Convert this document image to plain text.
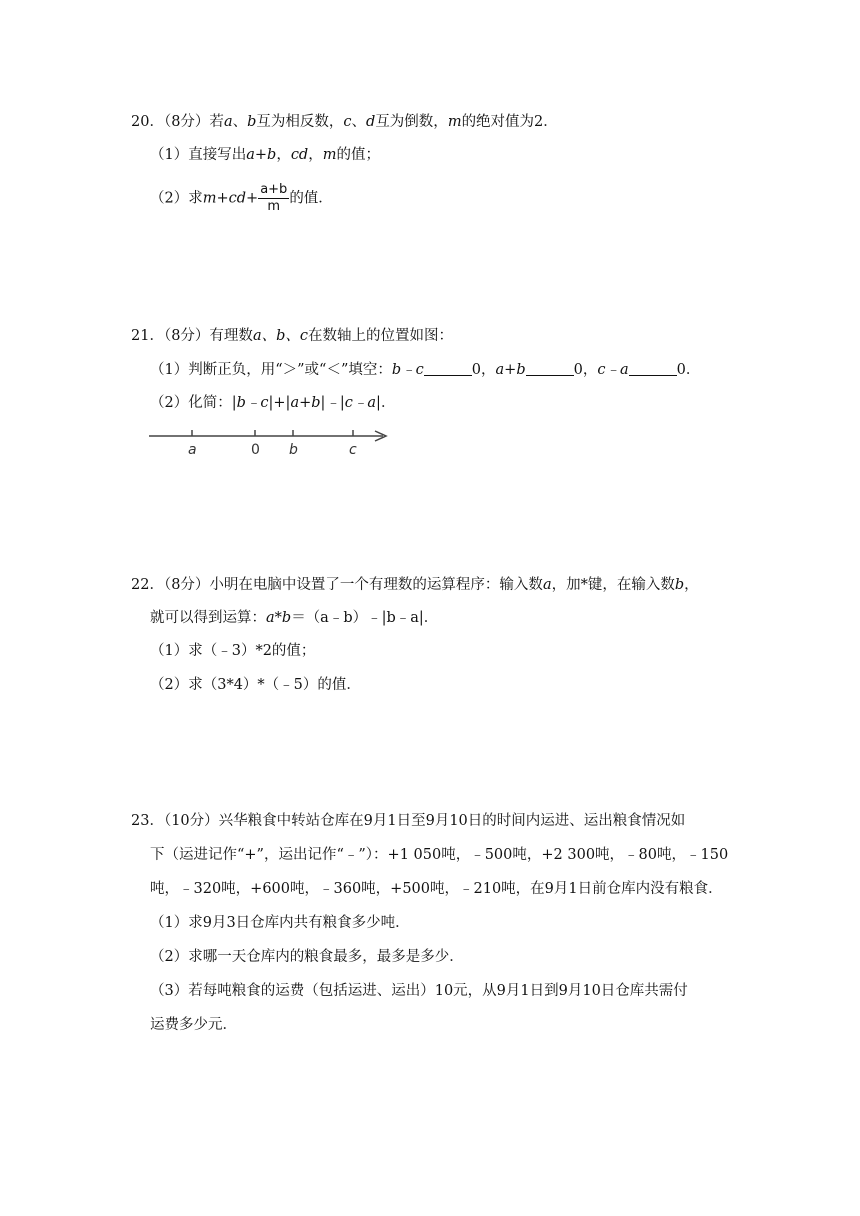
20．（8分）若a、b互为相反数，c、d互为倒数，m的绝对值为2．
（1）直接写出a+b，cd，m的值；
（2）求$m+cd+ \frac{a+b}{m}$ 的值．
21．（8分）有理数a、b、c在数轴上的位置如图：
（1）判断正负，用“＞”或“＜”填空：b﹣c	0，a+b	0，c﹣a	0．
（2）化简：|b﹣c|+|a+b|﹣|c﹣a|．
a	0 b	c
22．（8分）小明在电脑中设置了一个有理数的运算程序：输入数a，加*键，在输入数b，
就可以得到运算：a*b＝（a﹣b）﹣|b﹣a|．
（1）求（﹣3）*2的值；
（2）求（3*4）*（﹣5）的值．
23．（10分）兴华粮食中转站仓库在9月1日至9月10日的时间内运进、运出粮食情况如
下（运进记作“+”，运出记作“﹣”）：+1 050吨，﹣500吨，+2 300吨，﹣80吨，﹣150
吨，﹣320吨，+600吨，﹣360吨，+500吨，﹣210吨，在9月1日前仓库内没有粮食．
（1）求9月3日仓库内共有粮食多少吨．
（2）求哪一天仓库内的粮食最多，最多是多少．
（3）若每吨粮食的运费（包括运进、运出）10元，从9月1日到9月10日仓库共需付
运费多少元．
